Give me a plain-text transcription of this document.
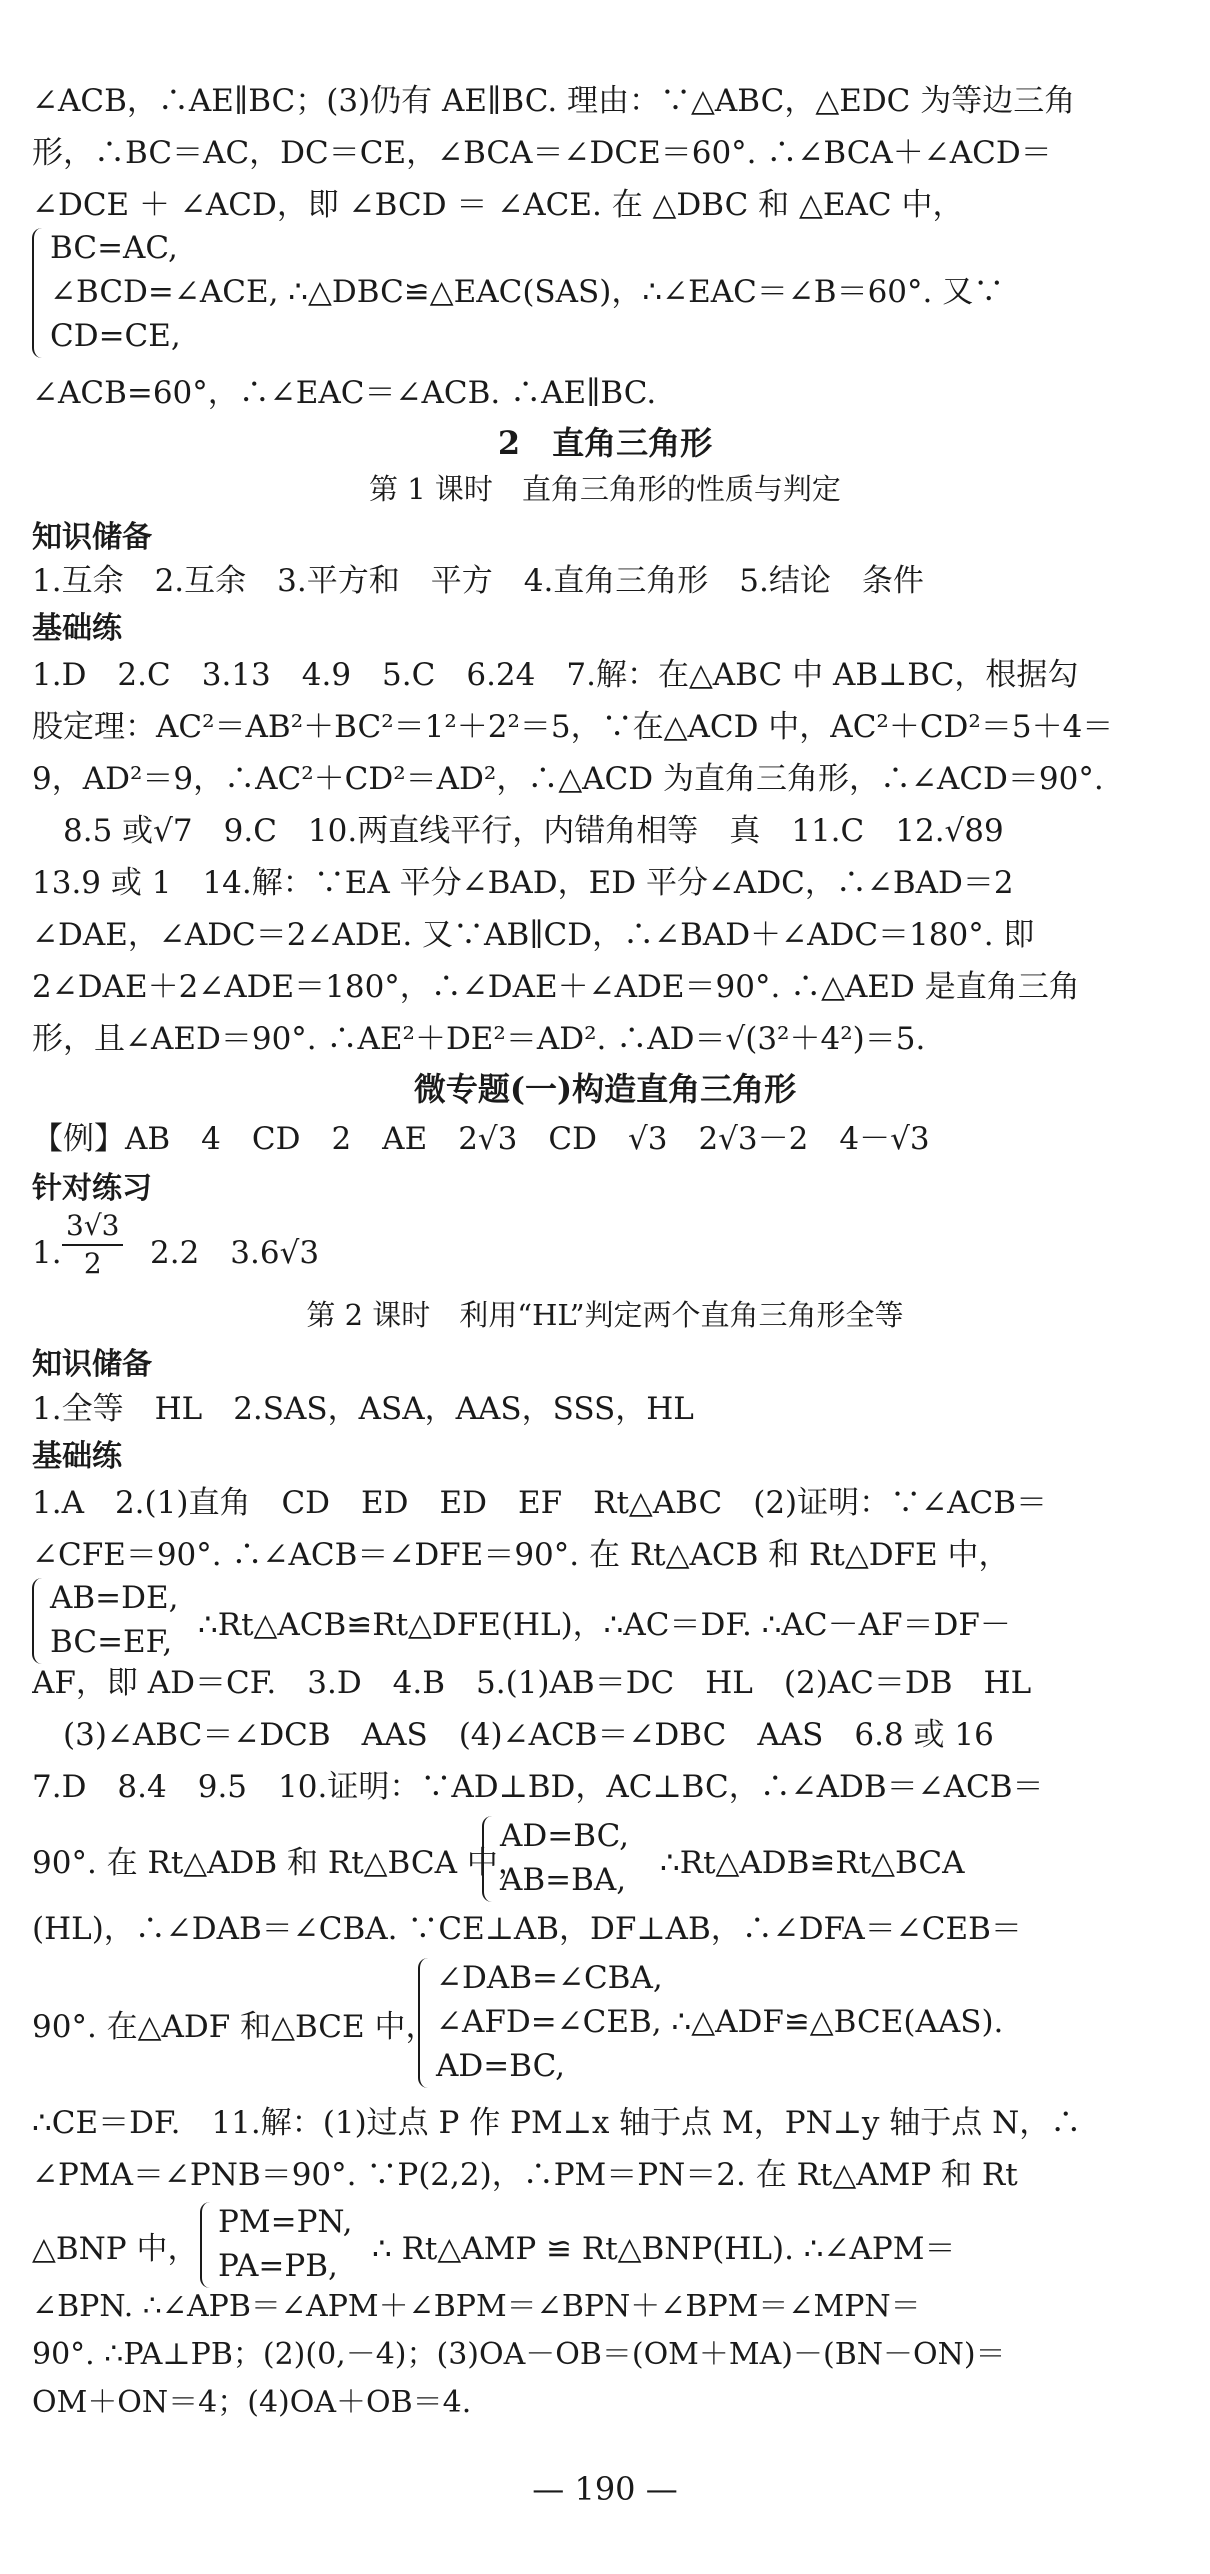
∠ACB，∴AE∥BC；(3)仍有 AE∥BC. 理由：∵△ABC，△EDC 为等边三角
形，∴BC＝AC，DC＝CE，∠BCA＝∠DCE＝60°. ∴∠BCA＋∠ACD＝
∠DCE ＋ ∠ACD，即 ∠BCD ＝ ∠ACE. 在 △DBC 和 △EAC 中，
BC=AC,
∠BCD=∠ACE, ∴△DBC≌△EAC(SAS)，∴∠EAC＝∠B＝60°. 又∵
CD=CE,
∠ACB=60°，∴∠EAC＝∠ACB. ∴AE∥BC.
2　直角三角形
第 1 课时　直角三角形的性质与判定
知识储备
1.互余　2.互余　3.平方和　平方　4.直角三角形　5.结论　条件
基础练
1.D　2.C　3.13　4.9　5.C　6.24　7.解：在△ABC 中 AB⊥BC，根据勾
股定理：AC²＝AB²＋BC²＝1²＋2²＝5，∵在△ACD 中，AC²＋CD²＝5＋4＝
9，AD²＝9，∴AC²＋CD²＝AD²，∴△ACD 为直角三角形，∴∠ACD＝90°.
　8.5 或√7　9.C　10.两直线平行，内错角相等　真　11.C　12.√89
13.9 或 1　14.解：∵EA 平分∠BAD，ED 平分∠ADC，∴∠BAD＝2
∠DAE，∠ADC＝2∠ADE. 又∵AB∥CD，∴∠BAD＋∠ADC＝180°. 即
2∠DAE＋2∠ADE＝180°，∴∠DAE＋∠ADE＝90°. ∴△AED 是直角三角
形，且∠AED＝90°. ∴AE²＋DE²＝AD². ∴AD＝√(3²＋4²)＝5.
微专题(一)构造直角三角形
【例】AB　4　CD　2　AE　2√3　CD　√3　2√3－2　4－√3
针对练习
1. $\frac{3√3}{2} 2.2$　3.6√3
第 2 课时　利用“HL”判定两个直角三角形全等
知识储备
1.全等　HL　2.SAS，ASA，AAS，SSS，HL
基础练
1.A　2.(1)直角　CD　ED　ED　EF　Rt△ABC　(2)证明：∵∠ACB＝
∠CFE＝90°. ∴∠ACB＝∠DFE＝90°. 在 Rt△ACB 和 Rt△DFE 中，
AB=DE,
BC=EF, ∴Rt△ACB≌Rt△DFE(HL)，∴AC＝DF. ∴AC－AF＝DF－
AF，即 AD＝CF.　3.D　4.B　5.(1)AB＝DC　HL　(2)AC＝DB　HL
　(3)∠ABC＝∠DCB　AAS　(4)∠ACB＝∠DBC　AAS　6.8 或 16
7.D　8.4　9.5　10.证明：∵AD⊥BD，AC⊥BC，∴∠ADB＝∠ACB＝
90°. 在 Rt△ADB 和 Rt△BCA 中，
AD=BC,
AB=BA, ∴Rt△ADB≌Rt△BCA
(HL)，∴∠DAB＝∠CBA. ∵CE⊥AB，DF⊥AB，∴∠DFA＝∠CEB＝
90°. 在△ADF 和△BCE 中，
∠DAB=∠CBA,
∠AFD=∠CEB, ∴△ADF≌△BCE(AAS).
AD=BC,
∴CE＝DF.　11.解：(1)过点 P 作 PM⊥x 轴于点 M，PN⊥y 轴于点 N，∴
∠PMA＝∠PNB＝90°. ∵P(2,2)，∴PM＝PN＝2. 在 Rt△AMP 和 Rt
△BNP 中，
PM=PN,
PA=PB, ∴ Rt△AMP ≌ Rt△BNP(HL). ∴∠APM＝
∠BPN. ∴∠APB＝∠APM＋∠BPM＝∠BPN＋∠BPM＝∠MPN＝
— 190 —
90°. ∴PA⊥PB；(2)(0,－4)；(3)OA－OB＝(OM＋MA)－(BN－ON)＝
OM＋ON＝4；(4)OA＋OB＝4.
